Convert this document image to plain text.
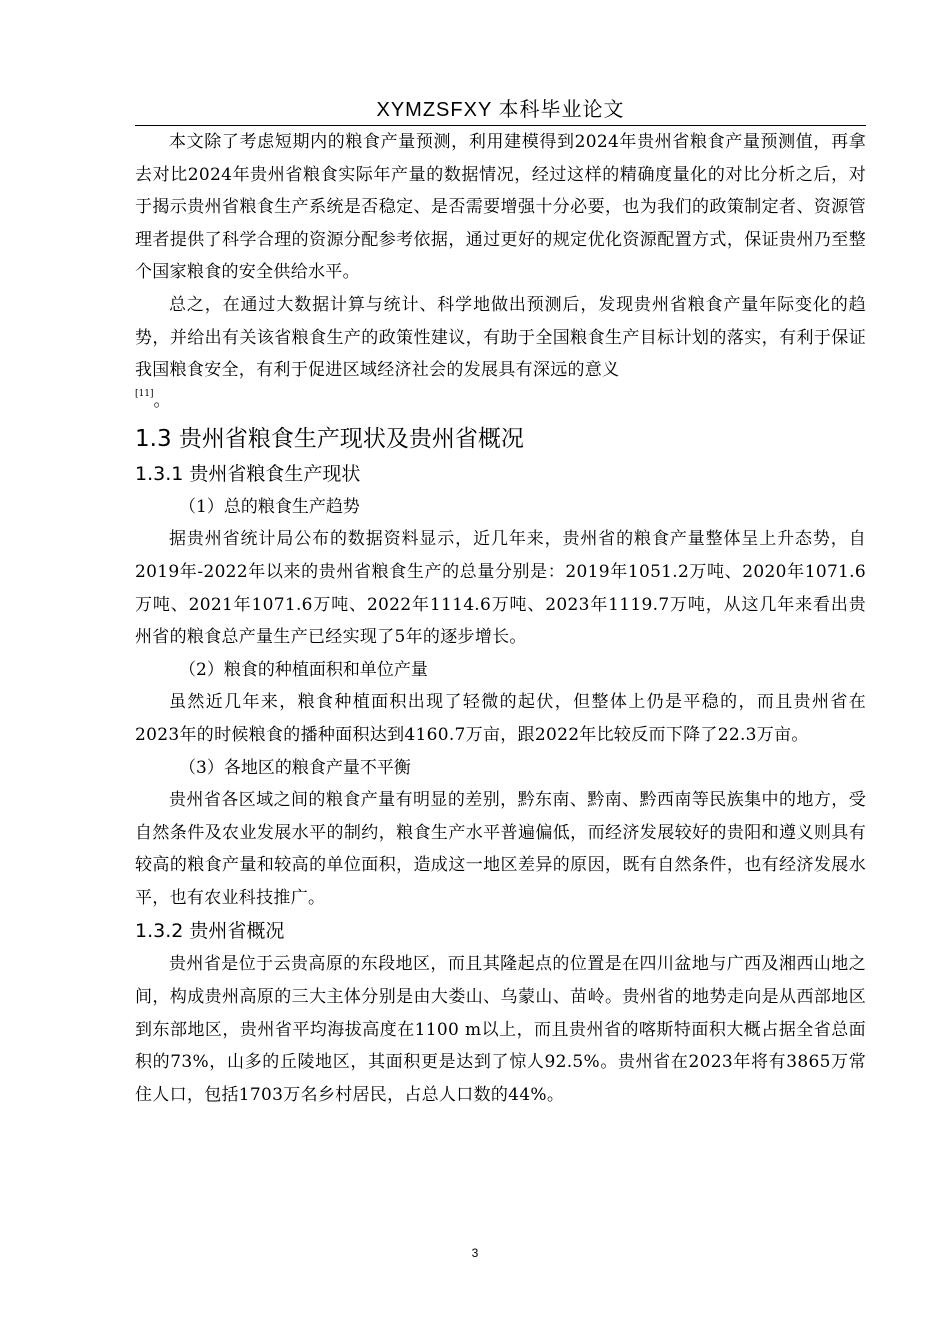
XYMZSFXY 本科毕业论文

本文除了考虑短期内的粮食产量预测，利用建模得到2024年贵州省粮食产量预测值，再拿去对比2024年贵州省粮食实际年产量的数据情况，经过这样的精确度量化的对比分析之后，对于揭示贵州省粮食生产系统是否稳定、是否需要增强十分必要，也为我们的政策制定者、资源管理者提供了科学合理的资源分配参考依据，通过更好的规定优化资源配置方式，保证贵州乃至整个国家粮食的安全供给水平。

总之，在通过大数据计算与统计、科学地做出预测后，发现贵州省粮食产量年际变化的趋势，并给出有关该省粮食生产的政策性建议，有助于全国粮食生产目标计划的落实，有利于保证我国粮食安全，有利于促进区域经济社会的发展具有深远的意义

[11]。

1.3 贵州省粮食生产现状及贵州省概况
1.3.1 贵州省粮食生产现状

（1）总的粮食生产趋势

据贵州省统计局公布的数据资料显示，近几年来，贵州省的粮食产量整体呈上升态势，自2019年-2022年以来的贵州省粮食生产的总量分别是：2019年1051.2万吨、2020年1071.6万吨、2021年1071.6万吨、2022年1114.6万吨、2023年1119.7万吨，从这几年来看出贵州省的粮食总产量生产已经实现了5年的逐步增长。

（2）粮食的种植面积和单位产量

虽然近几年来，粮食种植面积出现了轻微的起伏，但整体上仍是平稳的，而且贵州省在2023年的时候粮食的播种面积达到4160.7万亩，跟2022年比较反而下降了22.3万亩。

（3）各地区的粮食产量不平衡

贵州省各区域之间的粮食产量有明显的差别，黔东南、黔南、黔西南等民族集中的地方，受自然条件及农业发展水平的制约，粮食生产水平普遍偏低，而经济发展较好的贵阳和遵义则具有较高的粮食产量和较高的单位面积，造成这一地区差异的原因，既有自然条件，也有经济发展水平，也有农业科技推广。

1.3.2 贵州省概况

贵州省是位于云贵高原的东段地区，而且其隆起点的位置是在四川盆地与广西及湘西山地之间，构成贵州高原的三大主体分别是由大娄山、乌蒙山、苗岭。贵州省的地势走向是从西部地区到东部地区，贵州省平均海拔高度在1100 m以上，而且贵州省的喀斯特面积大概占据全省总面积的73%，山多的丘陵地区，其面积更是达到了惊人92.5%。贵州省在2023年将有3865万常住人口，包括1703万名乡村居民，占总人口数的44%。

3
